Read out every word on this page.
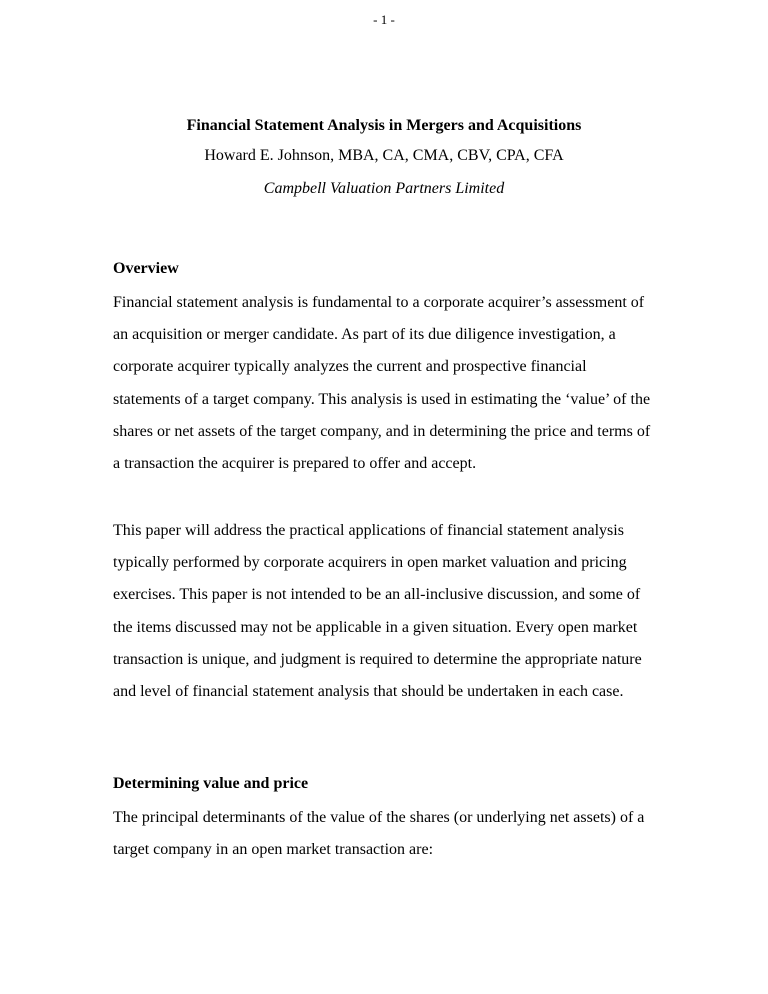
- 1 -
Financial Statement Analysis in Mergers and Acquisitions
Howard E. Johnson, MBA, CA, CMA, CBV, CPA, CFA
Campbell Valuation Partners Limited
Overview

Financial statement analysis is fundamental to a corporate acquirer’s assessment of an acquisition or merger candidate. As part of its due diligence investigation, a corporate acquirer typically analyzes the current and prospective financial statements of a target company. This analysis is used in estimating the ‘value’ of the shares or net assets of the target company, and in determining the price and terms of a transaction the acquirer is prepared to offer and accept.

This paper will address the practical applications of financial statement analysis typically performed by corporate acquirers in open market valuation and pricing exercises. This paper is not intended to be an all-inclusive discussion, and some of the items discussed may not be applicable in a given situation. Every open market transaction is unique, and judgment is required to determine the appropriate nature and level of financial statement analysis that should be undertaken in each case.

Determining value and price

The principal determinants of the value of the shares (or underlying net assets) of a target company in an open market transaction are:
